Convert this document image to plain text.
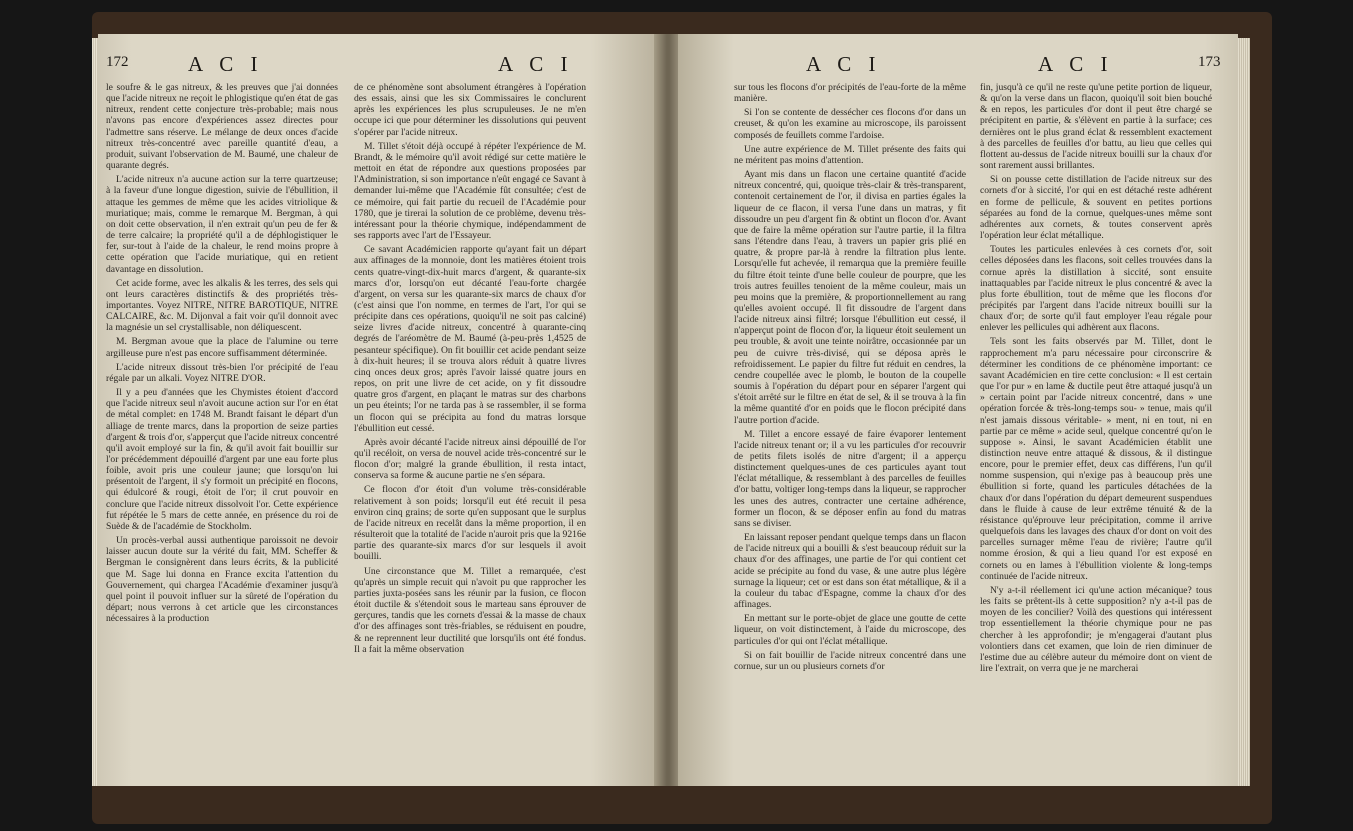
172	A C I	A C I

le soufre & le gas nitreux, & les preuves que j'ai données que l'acide nitreux ne reçoit le phlogistique qu'en état de gas nitreux, rendent cette conjecture très-probable; mais nous n'avons pas encore d'expériences assez directes pour l'admettre sans réserve. Le mélange de deux onces d'acide nitreux très-concentré avec pareille quantité d'eau, a produit, suivant l'observation de M. Baumé, une chaleur de quarante degrés.

L'acide nitreux n'a aucune action sur la terre quartzeuse; à la faveur d'une longue digestion, suivie de l'ébullition, il attaque les gemmes de même que les acides vitriolique & muriatique; mais, comme le remarque M. Bergman, à qui on doit cette observation, il n'en extrait qu'un peu de fer & de terre calcaire; la propriété qu'il a de déphlogistiquer le fer, sur-tout à l'aide de la chaleur, le rend moins propre à cette opération que l'acide muriatique, qui en retient davantage en dissolution.

Cet acide forme, avec les alkalis & les terres, des sels qui ont leurs caractères distinctifs & des propriétés très-importantes. Voyez NITRE, NITRE BAROTIQUE, NITRE CALCAIRE, &c. M. Dijonval a fait voir qu'il donnoit avec la magnésie un sel crystallisable, non déliquescent.

M. Bergman avoue que la place de l'alumine ou terre argilleuse pure n'est pas encore suffisamment déterminée.

L'acide nitreux dissout très-bien l'or précipité de l'eau régale par un alkali. Voyez NITRE D'OR.

Il y a peu d'années que les Chymistes étoient d'accord que l'acide nitreux seul n'avoit aucune action sur l'or en état de métal complet: en 1748 M. Brandt faisant le départ d'un alliage de trente marcs, dans la proportion de seize parties d'argent & trois d'or, s'apperçut que l'acide nitreux concentré qu'il avoit employé sur la fin, & qu'il avoit fait bouillir sur l'or précédemment dépouillé d'argent par une eau forte plus foible, avoit pris une couleur jaune; que lorsqu'on lui présentoit de l'argent, il s'y formoit un précipité en flocons, qui édulcoré & rougi, étoit de l'or; il crut pouvoir en conclure que l'acide nitreux dissolvoit l'or. Cette expérience fut répétée le 5 mars de cette année, en présence du roi de Suède & de l'académie de Stockholm.

Un procès-verbal aussi authentique paroissoit ne devoir laisser aucun doute sur la vérité du fait, MM. Scheffer & Bergman le consignèrent dans leurs écrits, & la publicité que M. Sage lui donna en France excita l'attention du Gouvernement, qui chargea l'Académie d'examiner jusqu'à quel point il pouvoit influer sur la sûreté de l'opération du départ; nous verrons à cet article que les circonstances nécessaires à la production

de ce phénomène sont absolument étrangères à l'opération des essais, ainsi que les six Commissaires le conclurent après les expériences les plus scrupuleuses. Je ne m'en occupe ici que pour déterminer les dissolutions qui peuvent s'opérer par l'acide nitreux.

M. Tillet s'étoit déjà occupé à répéter l'expérience de M. Brandt, & le mémoire qu'il avoit rédigé sur cette matière le mettoit en état de répondre aux questions proposées par l'Administration, si son importance n'eût engagé ce Savant à demander lui-même que l'Académie fût consultée; c'est de ce mémoire, qui fait partie du recueil de l'Académie pour 1780, que je tirerai la solution de ce problème, devenu très-intéressant pour la théorie chymique, indépendamment de ses rapports avec l'art de l'Essayeur.

Ce savant Académicien rapporte qu'ayant fait un départ aux affinages de la monnoie, dont les matières étoient trois cents quatre-vingt-dix-huit marcs d'argent, & quarante-six marcs d'or, lorsqu'on eut décanté l'eau-forte chargée d'argent, on versa sur les quarante-six marcs de chaux d'or (c'est ainsi que l'on nomme, en termes de l'art, l'or qui se précipite dans ces opérations, quoiqu'il ne soit pas calciné) seize livres d'acide nitreux, concentré à quarante-cinq degrés de l'aréomètre de M. Baumé (à-peu-près 1,4525 de pesanteur spécifique). On fit bouillir cet acide pendant seize à dix-huit heures; il se trouva alors réduit à quatre livres cinq onces deux gros; après l'avoir laissé quatre jours en repos, on prit une livre de cet acide, on y fit dissoudre quatre gros d'argent, en plaçant le matras sur des charbons un peu éteints; l'or ne tarda pas à se rassembler, il se forma un flocon qui se précipita au fond du matras lorsque l'ébullition eut cessé.

Après avoir décanté l'acide nitreux ainsi dépouillé de l'or qu'il recéloit, on versa de nouvel acide très-concentré sur le flocon d'or; malgré la grande ébullition, il resta intact, conserva sa forme & aucune partie ne s'en sépara.

Ce flocon d'or étoit d'un volume très-considérable relativement à son poids; lorsqu'il eut été recuit il pesa environ cinq grains; de sorte qu'en supposant que le surplus de l'acide nitreux en recelât dans la même proportion, il en résulteroit que la totalité de l'acide n'auroit pris que la 9216e partie des quarante-six marcs d'or sur lesquels il avoit bouilli.

Une circonstance que M. Tillet a remarquée, c'est qu'après un simple recuit qui n'avoit pu que rapprocher les parties juxta-posées sans les réunir par la fusion, ce flocon étoit ductile & s'étendoit sous le marteau sans éprouver de gerçures, tandis que les cornets d'essai & la masse de chaux d'or des affinages sont très-friables, se réduisent en poudre, & ne reprennent leur ductilité que lorsqu'ils ont été fondus. Il a fait la même observation

A C I	A C I	173

sur tous les flocons d'or précipités de l'eau-forte de la même manière.

Si l'on se contente de dessécher ces flocons d'or dans un creuset, & qu'on les examine au microscope, ils paroissent composés de feuillets comme l'ardoise.

Une autre expérience de M. Tillet présente des faits qui ne méritent pas moins d'attention.

Ayant mis dans un flacon une certaine quantité d'acide nitreux concentré, qui, quoique très-clair & très-transparent, contenoit certainement de l'or, il divisa en parties égales la liqueur de ce flacon, il versa l'une dans un matras, y fit dissoudre un peu d'argent fin & obtint un flocon d'or. Avant que de faire la même opération sur l'autre partie, il la filtra sans l'étendre dans l'eau, à travers un papier gris plié en quatre, & propre par-là à rendre la filtration plus lente. Lorsqu'elle fut achevée, il remarqua que la première feuille du filtre étoit teinte d'une belle couleur de pourpre, que les trois autres feuilles tenoient de la même couleur, mais un peu moins que la première, & proportionnellement au rang qu'elles avoient occupé. Il fit dissoudre de l'argent dans l'acide nitreux ainsi filtré; lorsque l'ébullition eut cessé, il n'apperçut point de flocon d'or, la liqueur étoit seulement un peu trouble, & avoit une teinte noirâtre, occasionnée par un peu de cuivre très-divisé, qui se déposa après le refroidissement. Le papier du filtre fut réduit en cendres, la cendre coupellée avec le plomb, le bouton de la coupelle soumis à l'opération du départ pour en séparer l'argent qui s'étoit arrêté sur le filtre en état de sel, & il se trouva à la fin la même quantité d'or en poids que le flocon précipité dans l'autre portion d'acide.

M. Tillet a encore essayé de faire évaporer lentement l'acide nitreux tenant or; il a vu les particules d'or recouvrir de petits filets isolés de nitre d'argent; il a apperçu distinctement quelques-unes de ces particules ayant tout l'éclat métallique, & ressemblant à des parcelles de feuilles d'or battu, voltiger long-temps dans la liqueur, se rapprocher les unes des autres, contracter une certaine adhérence, former un flocon, & se déposer enfin au fond du matras sans se diviser.

En laissant reposer pendant quelque temps dans un flacon de l'acide nitreux qui a bouilli & s'est beaucoup réduit sur la chaux d'or des affinages, une partie de l'or qui contient cet acide se précipite au fond du vase, & une autre plus légère surnage la liqueur; cet or est dans son état métallique, & il a la couleur du tabac d'Espagne, comme la chaux d'or des affinages.

En mettant sur le porte-objet de glace une goutte de cette liqueur, on voit distinctement, à l'aide du microscope, des particules d'or qui ont l'éclat métallique.

Si on fait bouillir de l'acide nitreux concentré dans une cornue, sur un ou plusieurs cornets d'or

fin, jusqu'à ce qu'il ne reste qu'une petite portion de liqueur, & qu'on la verse dans un flacon, quoiqu'il soit bien bouché & en repos, les particules d'or dont il peut être chargé se précipitent en partie, & s'élèvent en partie à la surface; ces dernières ont le plus grand éclat & ressemblent exactement à des parcelles de feuilles d'or battu, au lieu que celles qui flottent au-dessus de l'acide nitreux bouilli sur la chaux d'or sont rarement aussi brillantes.

Si on pousse cette distillation de l'acide nitreux sur des cornets d'or à siccité, l'or qui en est détaché reste adhérent en forme de pellicule, & souvent en petites portions séparées au fond de la cornue, quelques-unes même sont adhérentes aux cornets, & toutes conservent après l'opération leur éclat métallique.

Toutes les particules enlevées à ces cornets d'or, soit celles déposées dans les flacons, soit celles trouvées dans la cornue après la distillation à siccité, sont ensuite inattaquables par l'acide nitreux le plus concentré & avec la plus forte ébullition, tout de même que les flocons d'or précipités par l'argent dans l'acide nitreux bouilli sur la chaux d'or; de sorte qu'il faut employer l'eau régale pour enlever les pellicules qui adhèrent aux flacons.

Tels sont les faits observés par M. Tillet, dont le rapprochement m'a paru nécessaire pour circonscrire & déterminer les conditions de ce phénomène important: ce savant Académicien en tire cette conclusion: « Il est certain que l'or pur » en lame & ductile peut être attaqué jusqu'à un » certain point par l'acide nitreux concentré, dans » une opération forcée & très-long-temps sou- » tenue, mais qu'il n'est jamais dissous véritable- » ment, ni en tout, ni en partie par ce même » acide seul, quelque concentré qu'on le suppose ». Ainsi, le savant Académicien établit une distinction neuve entre attaqué & dissous, & il distingue encore, pour le premier effet, deux cas différens, l'un qu'il nomme suspension, qui n'exige pas à beaucoup près une ébullition si forte, quand les particules détachées de la chaux d'or dans l'opération du départ demeurent suspendues dans le fluide à cause de leur extrême ténuité & de la résistance qu'éprouve leur précipitation, comme il arrive quelquefois dans les lavages des chaux d'or dont on voit des parcelles surnager même l'eau de rivière; l'autre qu'il nomme érosion, & qui a lieu quand l'or est exposé en cornets ou en lames à l'ébullition violente & long-temps continuée de l'acide nitreux.

N'y a-t-il réellement ici qu'une action mécanique? tous les faits se prêtent-ils à cette supposition? n'y a-t-il pas de moyen de les concilier? Voilà des questions qui intéressent trop essentiellement la théorie chymique pour ne pas chercher à les approfondir; je m'engagerai d'autant plus volontiers dans cet examen, que loin de rien diminuer de l'estime due au célèbre auteur du mémoire dont on vient de lire l'extrait, on verra que je ne marcherai
